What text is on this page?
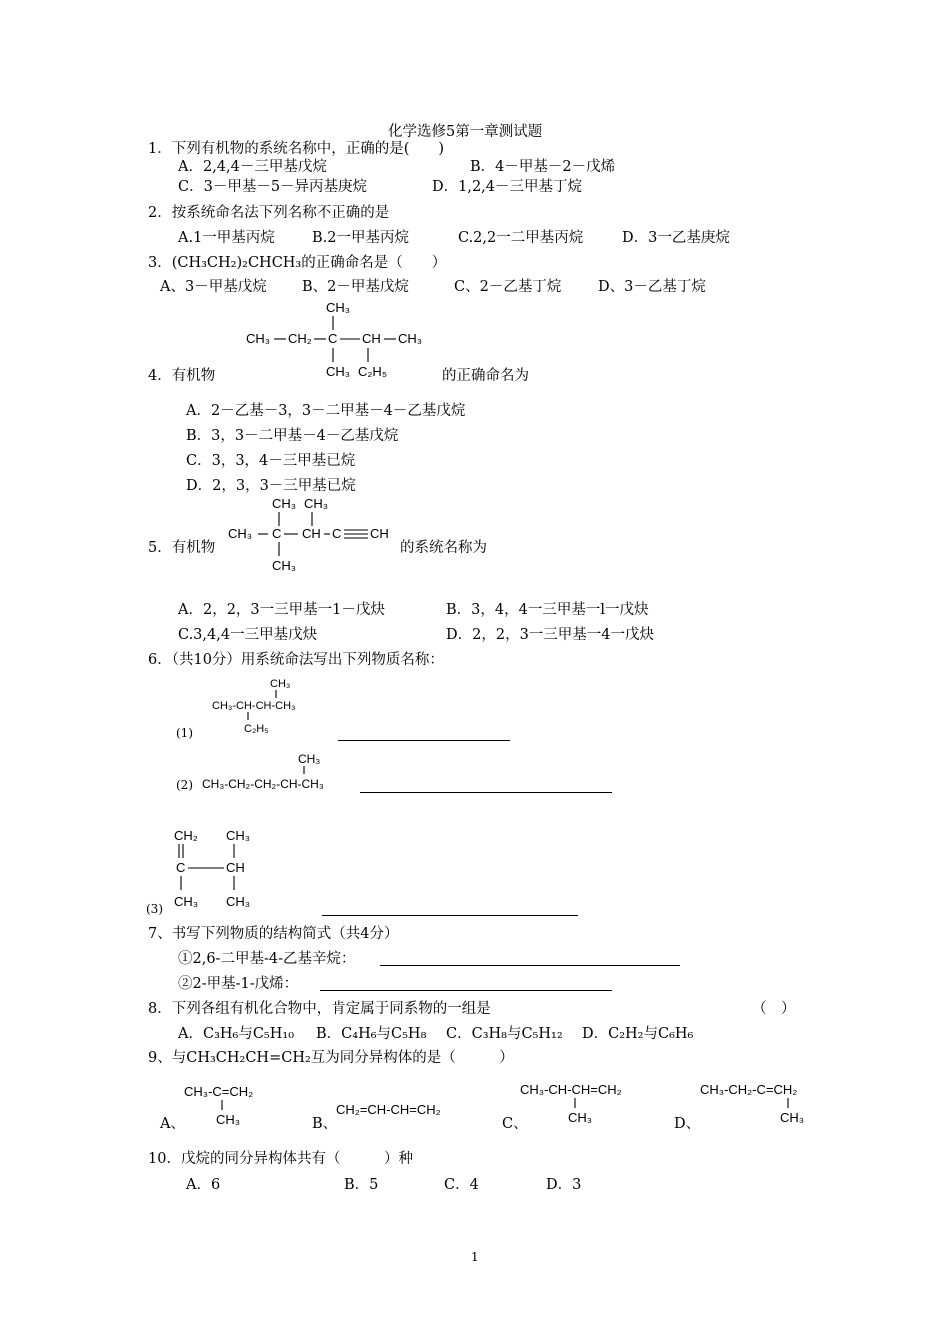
化学选修5第一章测试题
1．下列有机物的系统名称中，正确的是(　　)
A．2,4,4－三甲基戊烷	B．4－甲基－2－戊烯
C．3－甲基－5－异丙基庚烷	D．1,2,4－三甲基丁烷
2．按系统命名法下列名称不正确的是
A.1一甲基丙烷	B.2一甲基丙烷	C.2,2一二甲基丙烷	D．3一乙基庚烷
3．(CH₃CH₂)₂CHCH₃的正确命名是（　　）
A、3－甲基戊烷 B、2－甲基戊烷	C、2－乙基丁烷	D、3－乙基丁烷
4．有机物
CH₃
CH₃ CH₂ C CH CH₃
CH₃ C₂H₅	的正确命名为
A．2－乙基－3，3－二甲基－4－乙基戊烷
B．3，3－二甲基－4－乙基戊烷
C．3，3，4－三甲基已烷
D．2，3，3－三甲基已烷
5．有机物
CH₃ CH₃
CH₃ C CH C CH
CH₃
的系统名称为
A．2，2，3一三甲基一1－戊炔	B．3，4，4一三甲基一l一戊炔
C.3,4,4一三甲基戊炔	D．2，2，3一三甲基一4一戊炔
6．（共10分）用系统命法写出下列物质名称：
CH₃
CH₃-CH-CH-CH₃
C₂H₅
(1)
CH₃
CH₃-CH₂-CH₂-CH-CH₃
(2)
CH₂ CH₃
C	CH
CH₃ CH₃
(3)
7、书写下列物质的结构简式（共4分）
①2,6-二甲基-4-乙基辛烷：
②2-甲基-1-戊烯：
8．下列各组有机化合物中，肯定属于同系物的一组是	（　）
A．C₃H₆与C₅H₁₀ B．C₄H₆与C₅H₈ C．C₃H₈与C₅H₁₂ D．C₂H₂与C₆H₆
9、与CH₃CH₂CH=CH₂互为同分异构体的是（　　　）
A、
CH₃-C=CH₂
CH₃	B、
CH₂=CH-CH=CH₂
C、
CH₃-CH-CH=CH₂
CH₃	D、
CH₃-CH₂-C=CH₂
CH₃
10．戊烷的同分异构体共有（　　　）种
A．6	B．5	C．4	D．3
1
